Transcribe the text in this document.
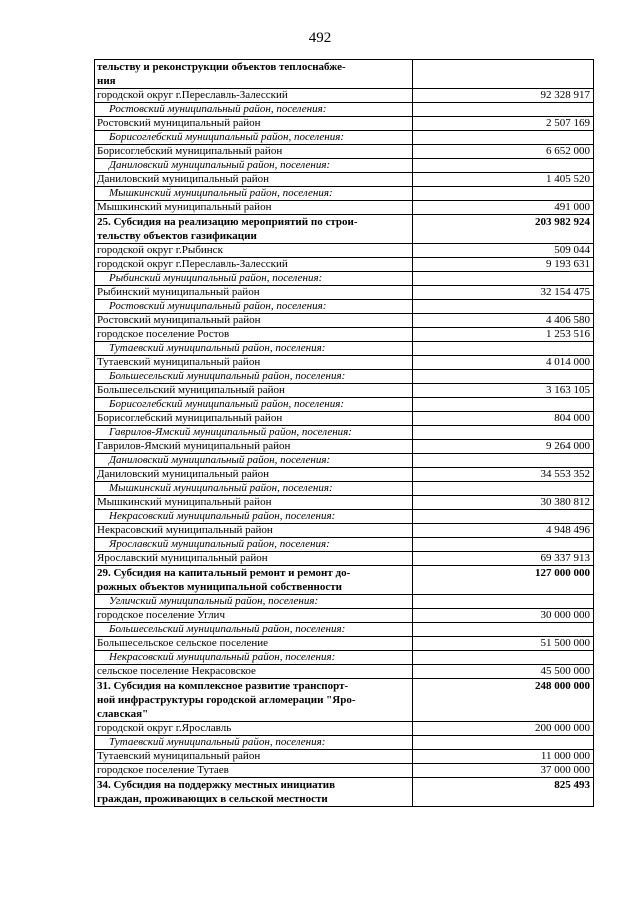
492
тельству и реконструкции объектов теплоснабже-
ния	
городской округ г.Переславль-Залесский	92 328 917
Ростовский муниципальный район, поселения:	
Ростовский муниципальный район	2 507 169
Борисоглебский муниципальный район, поселения:	
Борисоглебский муниципальный район	6 652 000
Даниловский муниципальный район, поселения:	
Даниловский муниципальный район	1 405 520
Мышкинский муниципальный район, поселения:	
Мышкинский муниципальный район	491 000
25. Субсидия на реализацию мероприятий по строи-
тельству объектов газификации	203 982 924
городской округ г.Рыбинск	509 044
городской округ г.Переславль-Залесский	9 193 631
Рыбинский муниципальный район, поселения:	
Рыбинский муниципальный район	32 154 475
Ростовский муниципальный район, поселения:	
Ростовский муниципальный район	4 406 580
городское поселение Ростов	1 253 516
Тутаевский муниципальный район, поселения:	
Тутаевский муниципальный район	4 014 000
Большесельский муниципальный район, поселения:	
Большесельский муниципальный район	3 163 105
Борисоглебский муниципальный район, поселения:	
Борисоглебский муниципальный район	804 000
Гаврилов-Ямский муниципальный район, поселения:	
Гаврилов-Ямский муниципальный район	9 264 000
Даниловский муниципальный район, поселения:	
Даниловский муниципальный район	34 553 352
Мышкинский муниципальный район, поселения:	
Мышкинский муниципальный район	30 380 812
Некрасовский муниципальный район, поселения:	
Некрасовский муниципальный район	4 948 496
Ярославский муниципальный район, поселения:	
Ярославский муниципальный район	69 337 913
29. Субсидия на капитальный ремонт и ремонт до-
рожных объектов муниципальной собственности	127 000 000
Угличский муниципальный район, поселения:	
городское поселение Углич	30 000 000
Большесельский муниципальный район, поселения:	
Большесельское сельское поселение	51 500 000
Некрасовский муниципальный район, поселения:	
сельское поселение Некрасовское	45 500 000
31. Субсидия на комплексное развитие транспорт-
ной инфраструктуры городской агломерации "Яро-
славская"	248 000 000
городской округ г.Ярославль	200 000 000
Тутаевский муниципальный район, поселения:	
Тутаевский муниципальный район	11 000 000
городское поселение Тутаев	37 000 000
34. Субсидия на поддержку местных инициатив
граждан, проживающих в сельской местности	825 493
